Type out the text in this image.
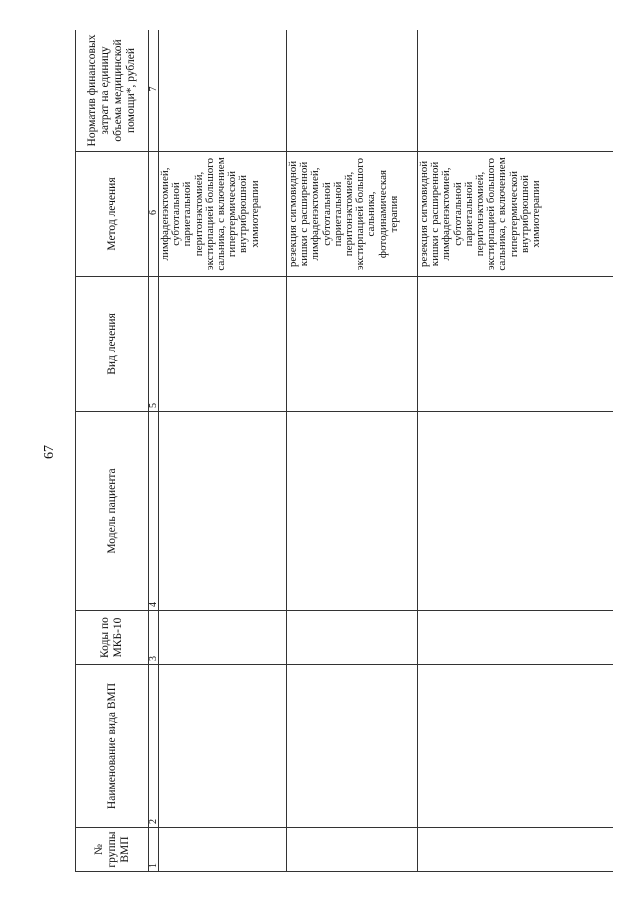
67
№ группы ВМП	Наименование вида ВМП	Коды по МКБ-10	Модель пациента	Вид лечения	Метод лечения	Норматив финансовых затрат на единицу объема медицинской помощи*, рублей

1	2	3	4	5	6	7

					лимфаденэктомией, субтотальной париетальной перитонэктомией, экстирпацией большого сальника, с включением гипертермической внутрибрюшной химиотерапии	
					резекция сигмовидной кишки с расширенной лимфаденэктомией, субтотальной париетальной перитонэктомией, экстирпацией большого сальника, фотодинамическая терапия	
					резекция сигмовидной кишки с расширенной лимфаденэктомией, субтотальной париетальной перитонэктомией, экстирпацией большого сальника, с включением гипертермической внутрибрюшной химиотерапии	
